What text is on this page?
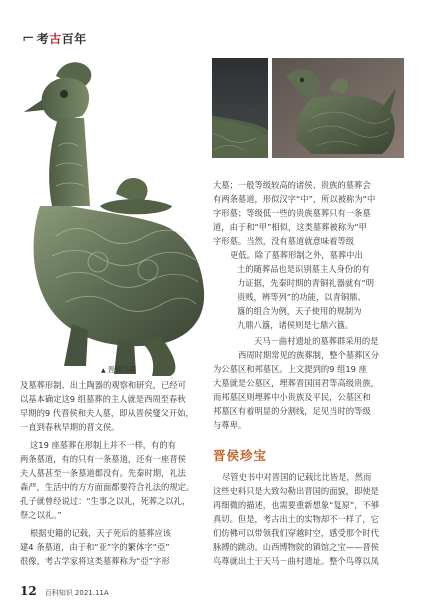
⌐ 考古百年
▲ 晋侯鸟尊

大墓；一般等级较高的诸侯、贵族的墓葬会

有两条墓道，形似汉字“中”，所以被称为“中

字形墓；等级低一些的贵族墓葬只有一条墓

道，由于和“甲”相似，这类墓葬被称为“甲

字形墓。当然，没有墓道就意味着等级

更低。除了墓葬形制之外，墓葬中出

土的随葬品也是识别墓主人身份的有

力证据，先秦时期的青铜礼器就有“明

贵贱，辨等列”的功能，以青铜鼎、

簋的组合为例，天子使用的规制为

九鼎八簋，诸侯则是七鼎六簋。

天马－曲村遗址的墓葬群采用的是

西周时期常见的族葬制，整个墓葬区分

为公墓区和邦墓区。上文提到的9 组19 座

大墓就是公墓区，埋葬晋国国君等高级贵族，

而邦墓区则埋葬中小贵族及平民，公墓区和

邦墓区有着明显的分割线，足见当时的等级

与尊卑。

及墓葬形制、出土陶器的观察和研究，已经可

以基本确定这9 组墓葬的主人就是西周至春秋

早期的9 代晋侯和夫人墓，即从晋侯燮父开始，

一直到春秋早期的晋文侯。

这19 座墓葬在形制上并不一样，有的有

两条墓道，有的只有一条墓道，还有一座晋侯

夫人墓甚至一条墓道都没有。先秦时期，礼法

森严，生活中的方方面面都要符合礼法的规定。

孔子就曾经说过：“生事之以礼，死葬之以礼，

祭之以礼。”

根据史籍的记载，天子死后的墓葬应该

建4 条墓道，由于和“亚”字的繁体字“亞”

很像，考古学家将这类墓葬称为“亞”字形

晋侯珍宝

尽管史书中对晋国的记载比比皆是，然而

这些史料只是大致勾勒出晋国的面貌，即使是

再细微的描述，也需要重新想象“复原”，不够

真切。但是，考古出土的实物却不一样了，它

们仿佛可以带领我们穿越时空，感受那个时代

脉搏的跳动。山西博物院的镇馆之宝——晋侯

鸟尊就出土于天马－曲村遗址。整个鸟尊以凤

12 百科知识 2021.11A
